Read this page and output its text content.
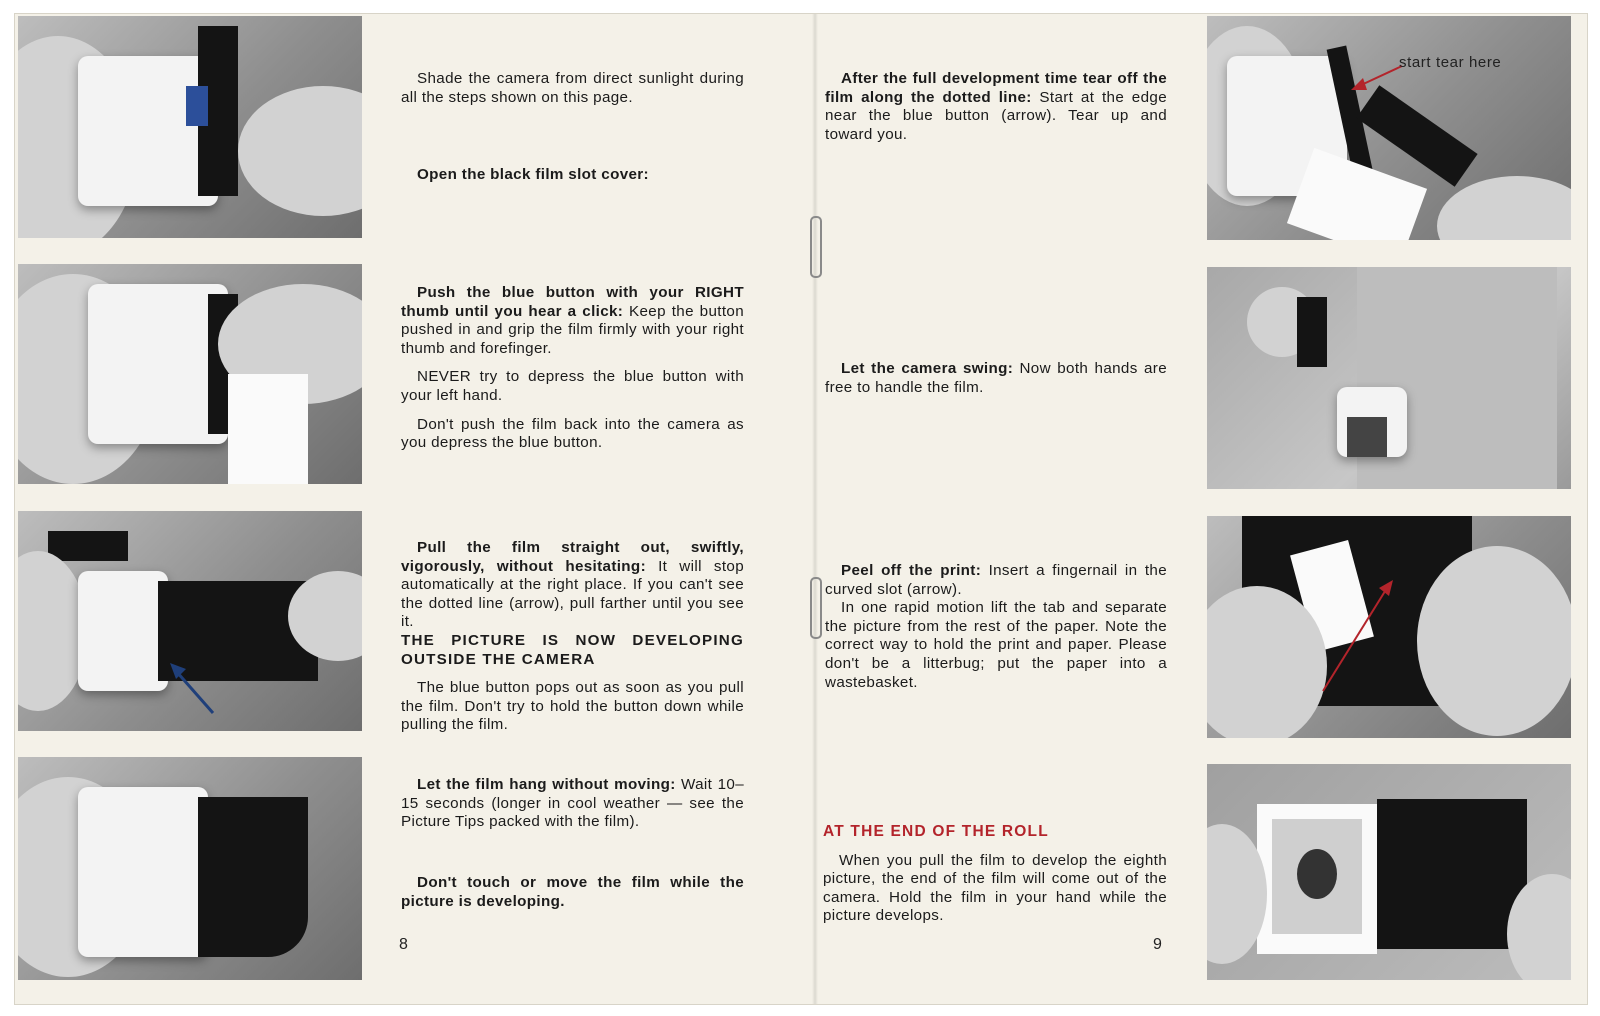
Shade the camera from direct sunlight during all the steps shown on this page.

Open the black film slot cover:

Push the blue button with your RIGHT thumb until you hear a click: Keep the button pushed in and grip the film firmly with your right thumb and forefinger.

NEVER try to depress the blue button with your left hand.

Don't push the film back into the camera as you depress the blue button.

Pull the film straight out, swiftly, vigorously, without hesitating: It will stop automatically at the right place. If you can't see the dotted line (arrow), pull farther until you see it.

THE PICTURE IS NOW DEVELOPING OUTSIDE THE CAMERA

The blue button pops out as soon as you pull the film. Don't try to hold the button down while pulling the film.

Let the film hang without moving: Wait 10–15 seconds (longer in cool weather — see the Picture Tips packed with the film).

Don't touch or move the film while the picture is developing.

8

After the full development time tear off the film along the dotted line: Start at the edge near the blue button (arrow). Tear up and toward you.

Let the camera swing: Now both hands are free to handle the film.

Peel off the print: Insert a fingernail in the curved slot (arrow).

In one rapid motion lift the tab and separate the picture from the rest of the paper. Note the correct way to hold the print and paper. Please don't be a litterbug; put the paper into a wastebasket.

AT THE END OF THE ROLL

When you pull the film to develop the eighth picture, the end of the film will come out of the camera. Hold the film in your hand while the picture develops.

9
start tear here
